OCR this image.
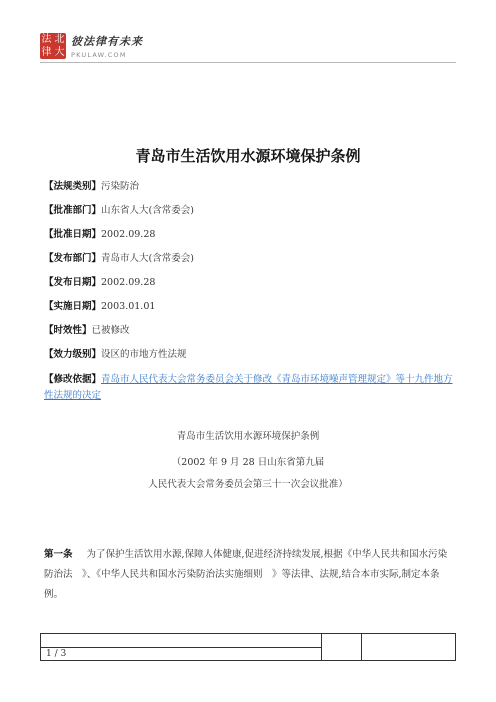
法 北
律 大
彼法律有未来
PKULAW.COM
青岛市生活饮用水源环境保护条例
【法规类别】污染防治
【批准部门】山东省人大(含常委会)
【批准日期】2002.09.28
【发布部门】青岛市人大(含常委会)
【发布日期】2002.09.28
【实施日期】2003.01.01
【时效性】已被修改
【效力级别】设区的市地方性法规
【修改依据】青岛市人民代表大会常务委员会关于修改《青岛市环境噪声管理规定》等十九件地方性法规的决定
青岛市生活饮用水源环境保护条例
（2002 年 9 月 28 日山东省第九届
人民代表大会常务委员会第三十一次会议批准）
第一条 为了保护生活饮用水源,保障人体健康,促进经济持续发展,根据《中华人民共和国水污染防治法　》、《中华人民共和国水污染防治法实施细则　》等法律、法规,结合本市实际,制定本条例。
1 / 3
